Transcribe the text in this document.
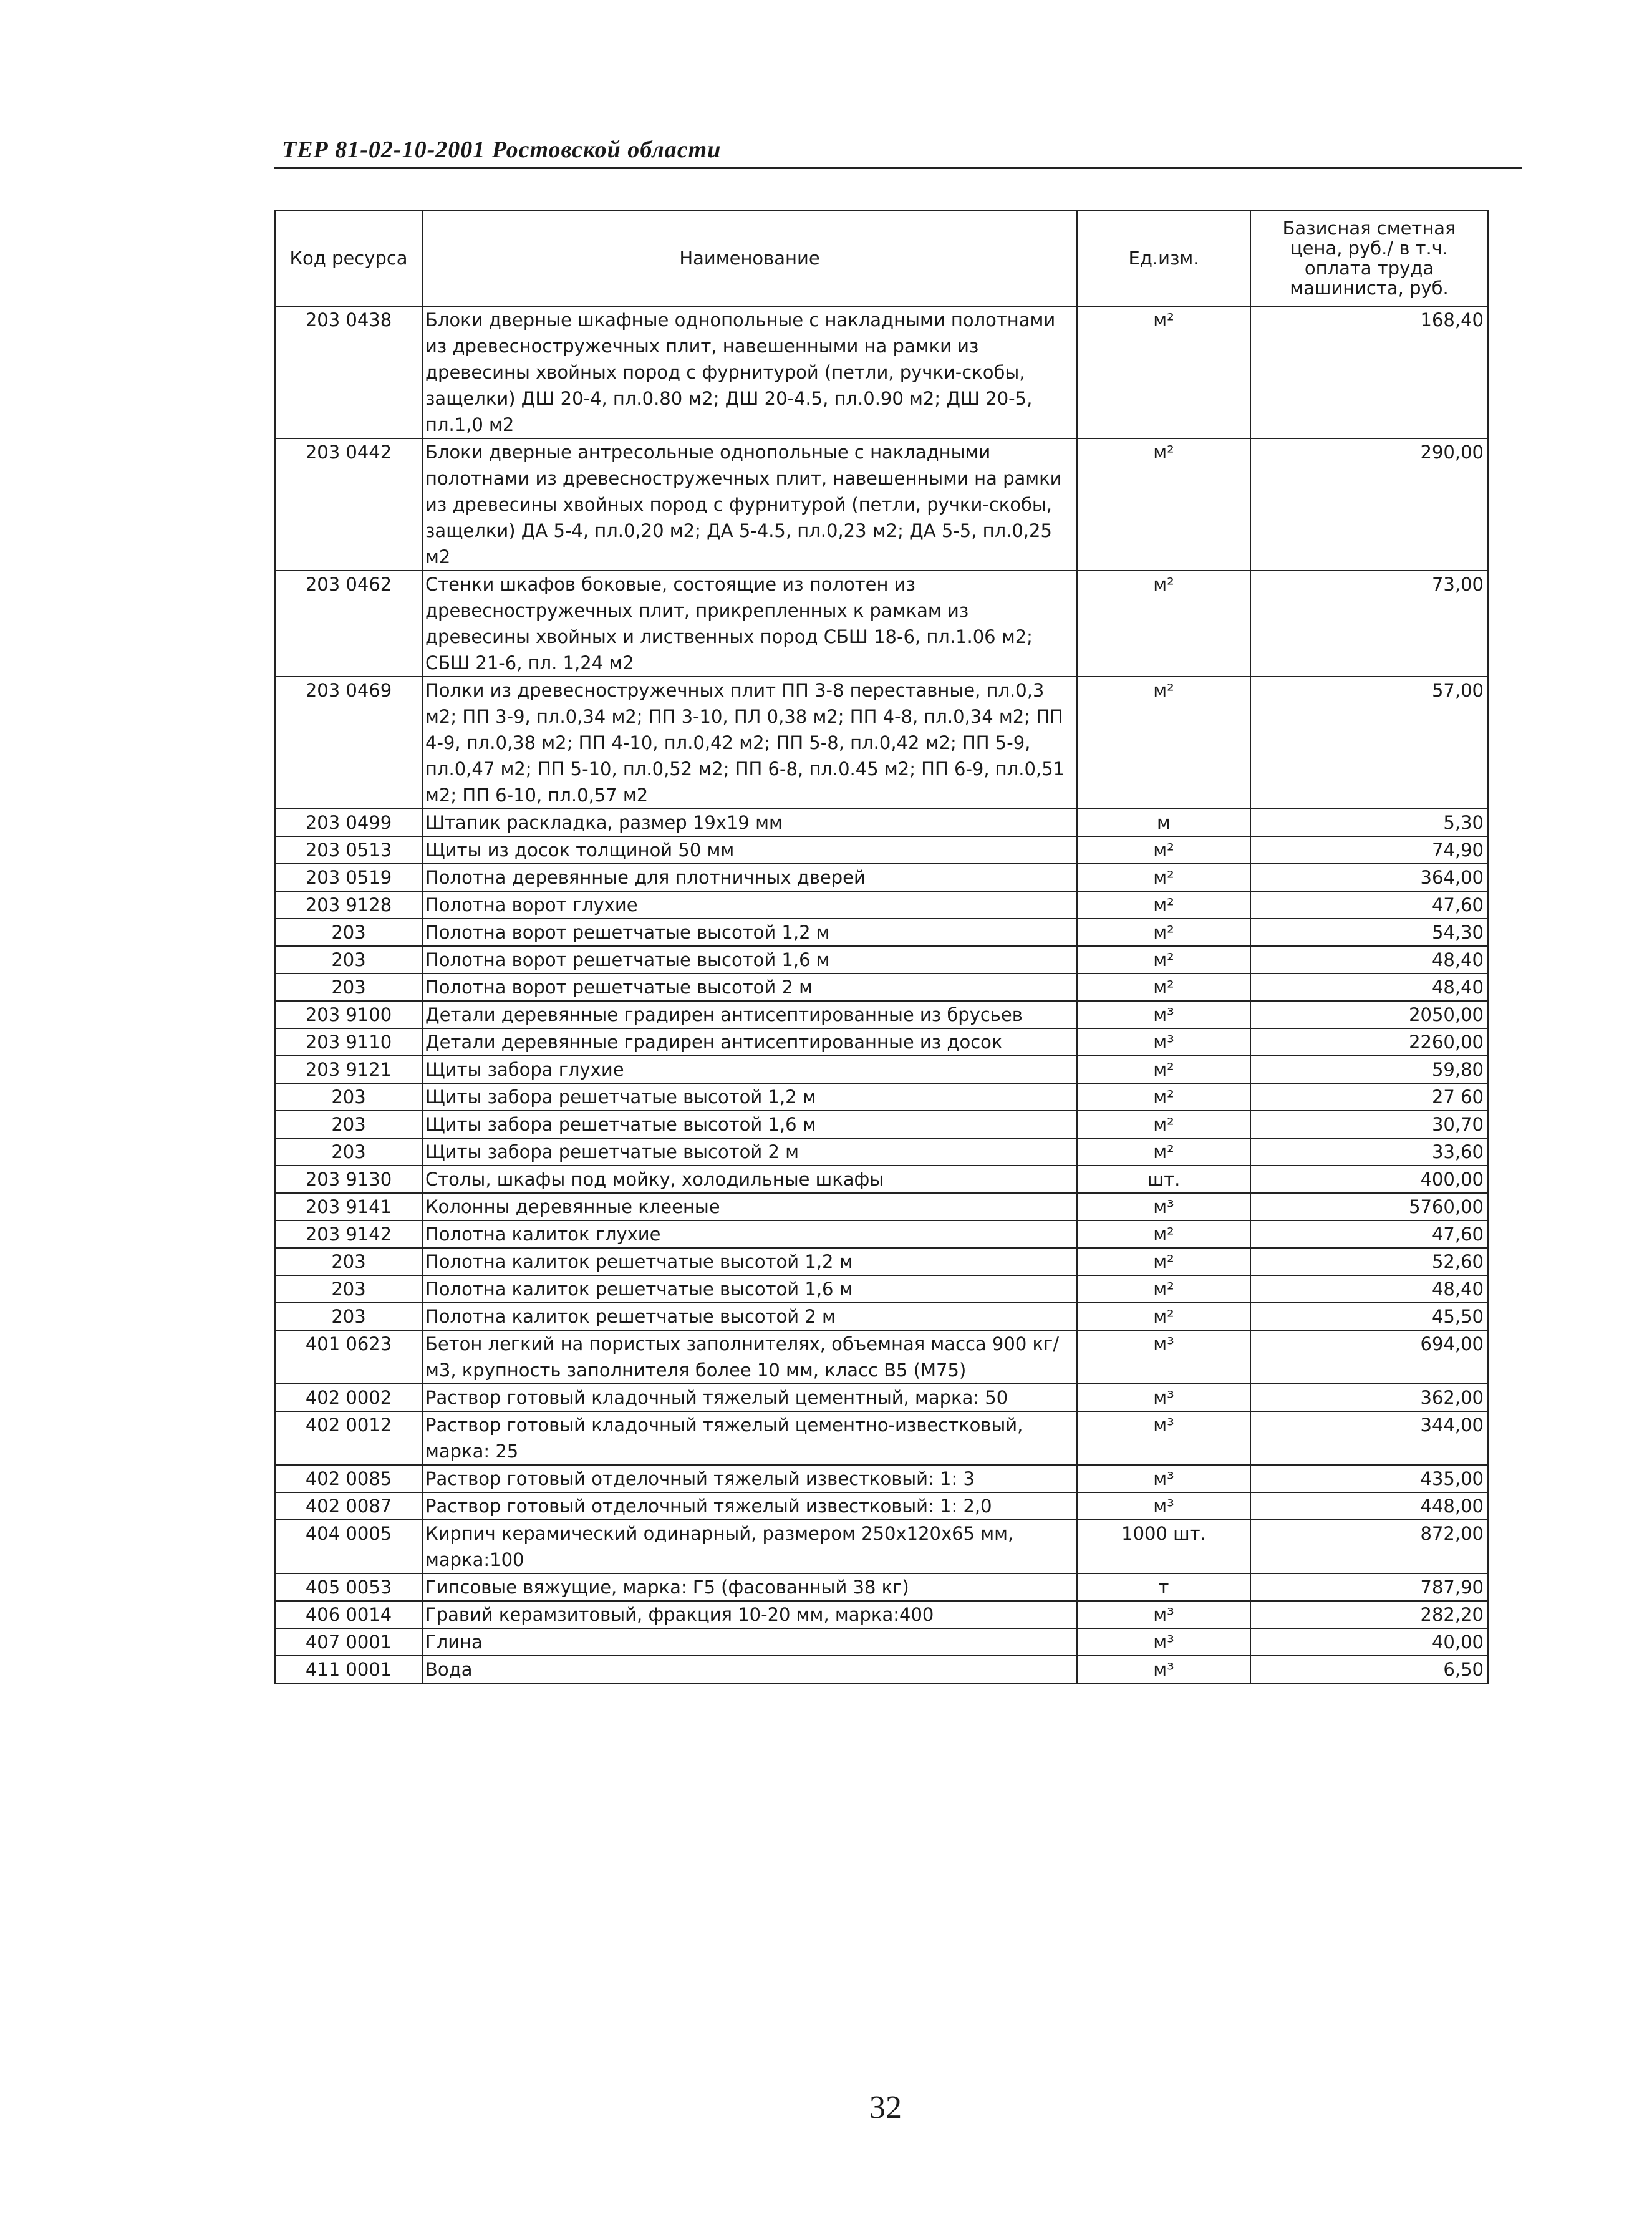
ТЕР 81-02-10-2001 Ростовской области
Код ресурса	Наименование	Ед.изм.	Базисная сметная цена, руб./ в т.ч. оплата труда машиниста, руб.
203 0438	Блоки дверные шкафные однопольные с накладными полотнами из древесностружечных плит, навешенными на рамки из древесины хвойных пород с фурнитурой (петли, ручки-скобы, защелки) ДШ 20-4, пл.0.80 м2; ДШ 20-4.5, пл.0.90 м2; ДШ 20-5, пл.1,0 м2	м²	168,40
203 0442	Блоки дверные антресольные однопольные с накладными полотнами из древесностружечных плит, навешенными на рамки из древесины хвойных пород с фурнитурой (петли, ручки-скобы, защелки) ДА 5-4, пл.0,20 м2; ДА 5-4.5, пл.0,23 м2; ДА 5-5, пл.0,25 м2	м²	290,00
203 0462	Стенки шкафов боковые, состоящие из полотен из древесностружечных плит, прикрепленных к рамкам из древесины хвойных и лиственных пород СБШ 18-6, пл.1.06 м2; СБШ 21-6, пл. 1,24 м2	м²	73,00
203 0469	Полки из древесностружечных плит ПП 3-8 переставные, пл.0,3 м2; ПП 3-9, пл.0,34 м2; ПП 3-10, ПЛ 0,38 м2; ПП 4-8, пл.0,34 м2; ПП 4-9, пл.0,38 м2; ПП 4-10, пл.0,42 м2; ПП 5-8, пл.0,42 м2; ПП 5-9, пл.0,47 м2; ПП 5-10, пл.0,52 м2; ПП 6-8, пл.0.45 м2; ПП 6-9, пл.0,51 м2; ПП 6-10, пл.0,57 м2	м²	57,00
203 0499	Штапик раскладка, размер 19х19 мм	м	5,30
203 0513	Щиты из досок толщиной 50 мм	м²	74,90
203 0519	Полотна деревянные для плотничных дверей	м²	364,00
203 9128	Полотна ворот глухие	м²	47,60
203	Полотна ворот решетчатые высотой 1,2 м	м²	54,30
203	Полотна ворот решетчатые высотой 1,6 м	м²	48,40
203	Полотна ворот решетчатые высотой 2 м	м²	48,40
203 9100	Детали деревянные градирен антисептированные из брусьев	м³	2050,00
203 9110	Детали деревянные градирен антисептированные из досок	м³	2260,00
203 9121	Щиты забора глухие	м²	59,80
203	Щиты забора решетчатые высотой 1,2 м	м²	27 60
203	Щиты забора решетчатые высотой 1,6 м	м²	30,70
203	Щиты забора решетчатые высотой 2 м	м²	33,60
203 9130	Столы, шкафы под мойку, холодильные шкафы	шт.	400,00
203 9141	Колонны деревянные клееные	м³	5760,00
203 9142	Полотна калиток глухие	м²	47,60
203	Полотна калиток решетчатые высотой 1,2 м	м²	52,60
203	Полотна калиток решетчатые высотой 1,6 м	м²	48,40
203	Полотна калиток решетчатые высотой 2 м	м²	45,50
401 0623	Бетон легкий на пористых заполнителях, объемная масса 900 кг/м3, крупность заполнителя более 10 мм, класс В5 (М75)	м³	694,00
402 0002	Раствор готовый кладочный тяжелый цементный, марка: 50	м³	362,00
402 0012	Раствор готовый кладочный тяжелый цементно-известковый, марка: 25	м³	344,00
402 0085	Раствор готовый отделочный тяжелый известковый: 1: 3	м³	435,00
402 0087	Раствор готовый отделочный тяжелый известковый: 1: 2,0	м³	448,00
404 0005	Кирпич керамический одинарный, размером 250х120х65 мм, марка:100	1000 шт.	872,00
405 0053	Гипсовые вяжущие, марка: Г5 (фасованный 38 кг)	т	787,90
406 0014	Гравий керамзитовый, фракция 10-20 мм, марка:400	м³	282,20
407 0001	Глина	м³	40,00
411 0001	Вода	м³	6,50
32
